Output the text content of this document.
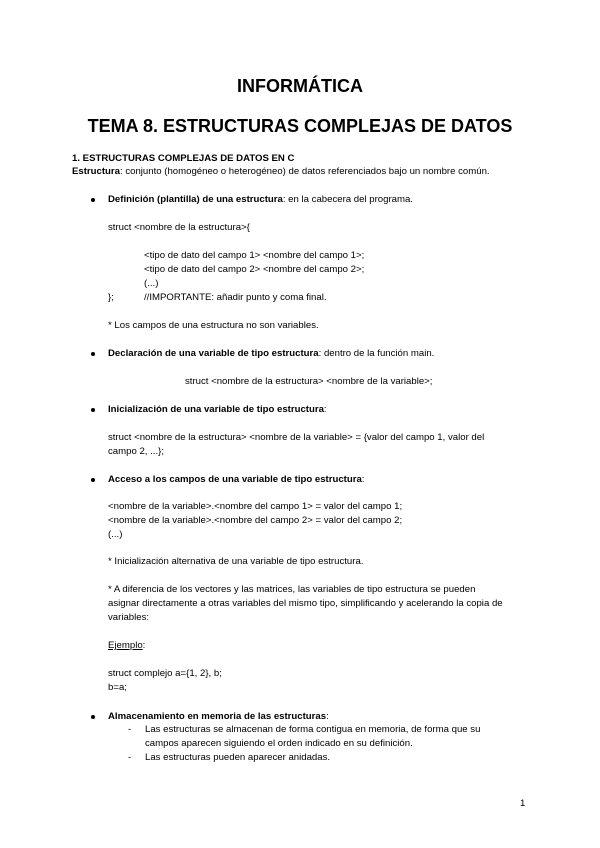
INFORMÁTICA
TEMA 8. ESTRUCTURAS COMPLEJAS DE DATOS
1. ESTRUCTURAS COMPLEJAS DE DATOS EN C
Estructura: conjunto (homogéneo o heterogéneo) de datos referenciados bajo un nombre común.
Definición (plantilla) de una estructura: en la cabecera del programa.
struct <nombre de la estructura>{
<tipo de dato del campo 1> <nombre del campo 1>;
<tipo de dato del campo 2> <nombre del campo 2>;
(...)
};	//IMPORTANTE: añadir punto y coma final.
* Los campos de una estructura no son variables.
Declaración de una variable de tipo estructura: dentro de la función main.
struct <nombre de la estructura> <nombre de la variable>;
Inicialización de una variable de tipo estructura:
struct <nombre de la estructura> <nombre de la variable> = {valor del campo 1, valor del
campo 2, ...};
Acceso a los campos de una variable de tipo estructura:
<nombre de la variable>.<nombre del campo 1> = valor del campo 1;
<nombre de la variable>.<nombre del campo 2> = valor del campo 2;
(...)
* Inicialización alternativa de una variable de tipo estructura.
* A diferencia de los vectores y las matrices, las variables de tipo estructura se pueden
asignar directamente a otras variables del mismo tipo, simplificando y acelerando la copia de
variables:
Ejemplo:
struct complejo a={1, 2}, b;
b=a;
Almacenamiento en memoria de las estructuras:
- Las estructuras se almacenan de forma contigua en memoria, de forma que su
campos aparecen siguiendo el orden indicado en su definición.
- Las estructuras pueden aparecer anidadas.
1
